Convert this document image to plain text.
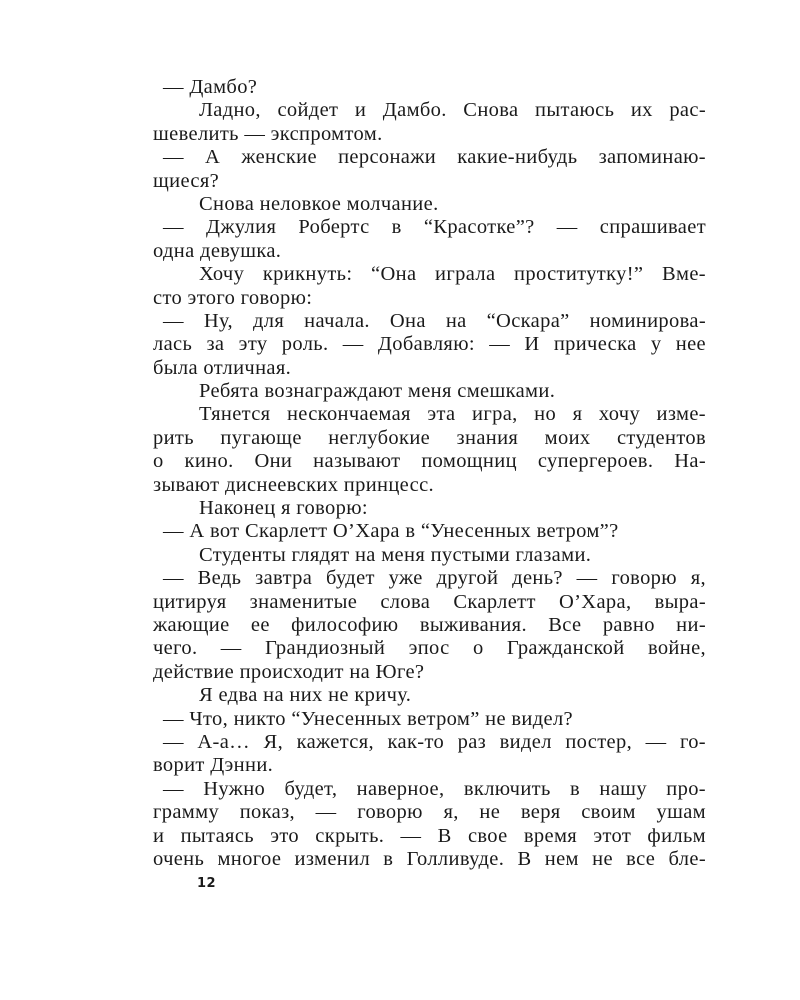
— Дамбо?
Ладно, сойдет и Дамбо. Снова пытаюсь их рас-
шевелить — экспромтом.
— А женские персонажи какие-нибудь запоминаю-
щиеся?
Снова неловкое молчание.
— Джулия Робертс в “Красотке”? — спрашивает
одна девушка.
Хочу крикнуть: “Она играла проститутку!” Вме-
сто этого говорю:
— Ну, для начала. Она на “Оскара” номинирова-
лась за эту роль. — Добавляю: — И прическа у нее
была отличная.
Ребята вознаграждают меня смешками.
Тянется нескончаемая эта игра, но я хочу изме-
рить пугающе неглубокие знания моих студентов
о кино. Они называют помощниц супергероев. На-
зывают диснеевских принцесс.
Наконец я говорю:
— А вот Скарлетт О’Хара в “Унесенных ветром”?
Студенты глядят на меня пустыми глазами.
— Ведь завтра будет уже другой день? — говорю я,
цитируя знаменитые слова Скарлетт О’Хара, выра-
жающие ее философию выживания. Все равно ни-
чего. — Грандиозный эпос о Гражданской войне,
действие происходит на Юге?
Я едва на них не кричу.
— Что, никто “Унесенных ветром” не видел?
— А-а… Я, кажется, как-то раз видел постер, — го-
ворит Дэнни.
— Нужно будет, наверное, включить в нашу про-
грамму показ, — говорю я, не веря своим ушам
и пытаясь это скрыть. — В свое время этот фильм
очень многое изменил в Голливуде. В нем не все бле-
12
